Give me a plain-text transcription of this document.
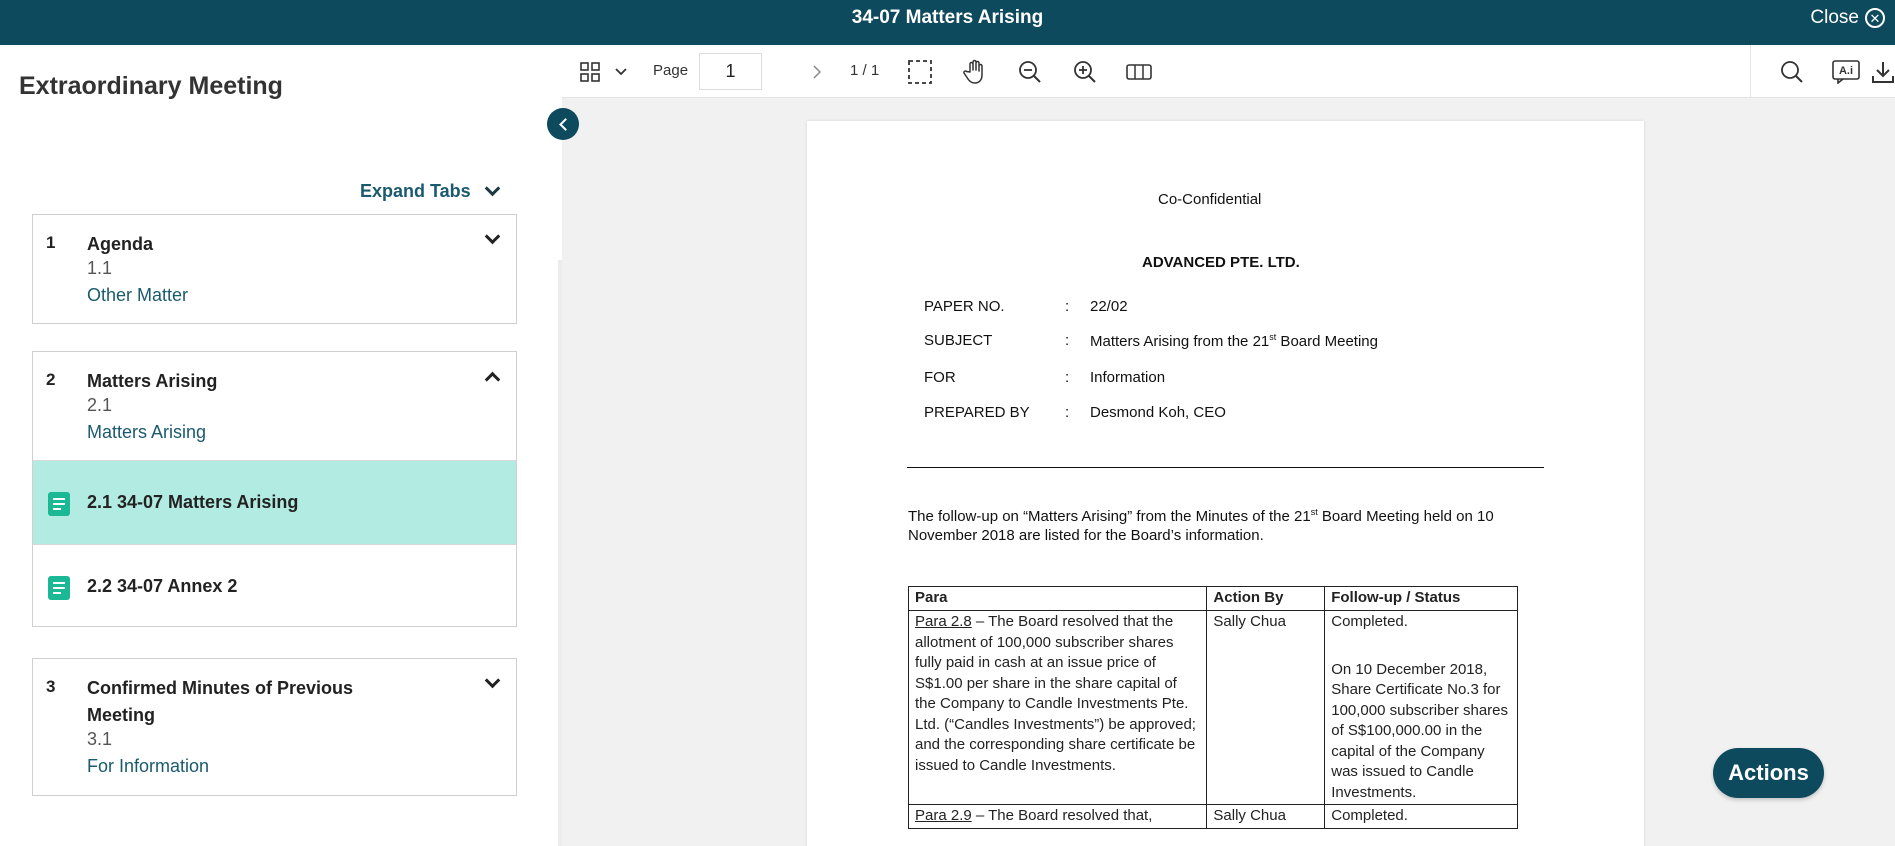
34-07 Matters Arising	Close ✕
Extraordinary Meeting
Expand Tabs
1 Agenda
1.1
Other Matter
2 Matters Arising
2.1
Matters Arising
2.1 34-07 Matters Arising
2.2 34-07 Annex 2
3 Confirmed Minutes of Previous Meeting
3.1
For Information
Page
1	1 / 1	A.i
Co-Confidential
ADVANCED PTE. LTD.
PAPER NO.	: 22/02
SUBJECT	: Matters Arising from the 21st Board Meeting
FOR	: Information
PREPARED BY : Desmond Koh, CEO
The follow-up on “Matters Arising” from the Minutes of the 21st Board Meeting held on 10
November 2018 are listed for the Board’s information.
Para	Action By	Follow-up / Status
Para 2.8 – The Board resolved that the allotment of 100,000 subscriber shares fully paid in cash at an issue price of S$1.00 per share in the share capital of the Company to Candle Investments Pte. Ltd. (“Candles Investments”) be approved; and the corresponding share certificate be issued to Candle Investments.	Sally Chua	Completed.
On 10 December 2018, Share Certificate No.3 for 100,000 subscriber shares of S$100,000.00 in the capital of the Company was issued to Candle Investments.

Para 2.9 – The Board resolved that,	Sally Chua	Completed.
Actions
